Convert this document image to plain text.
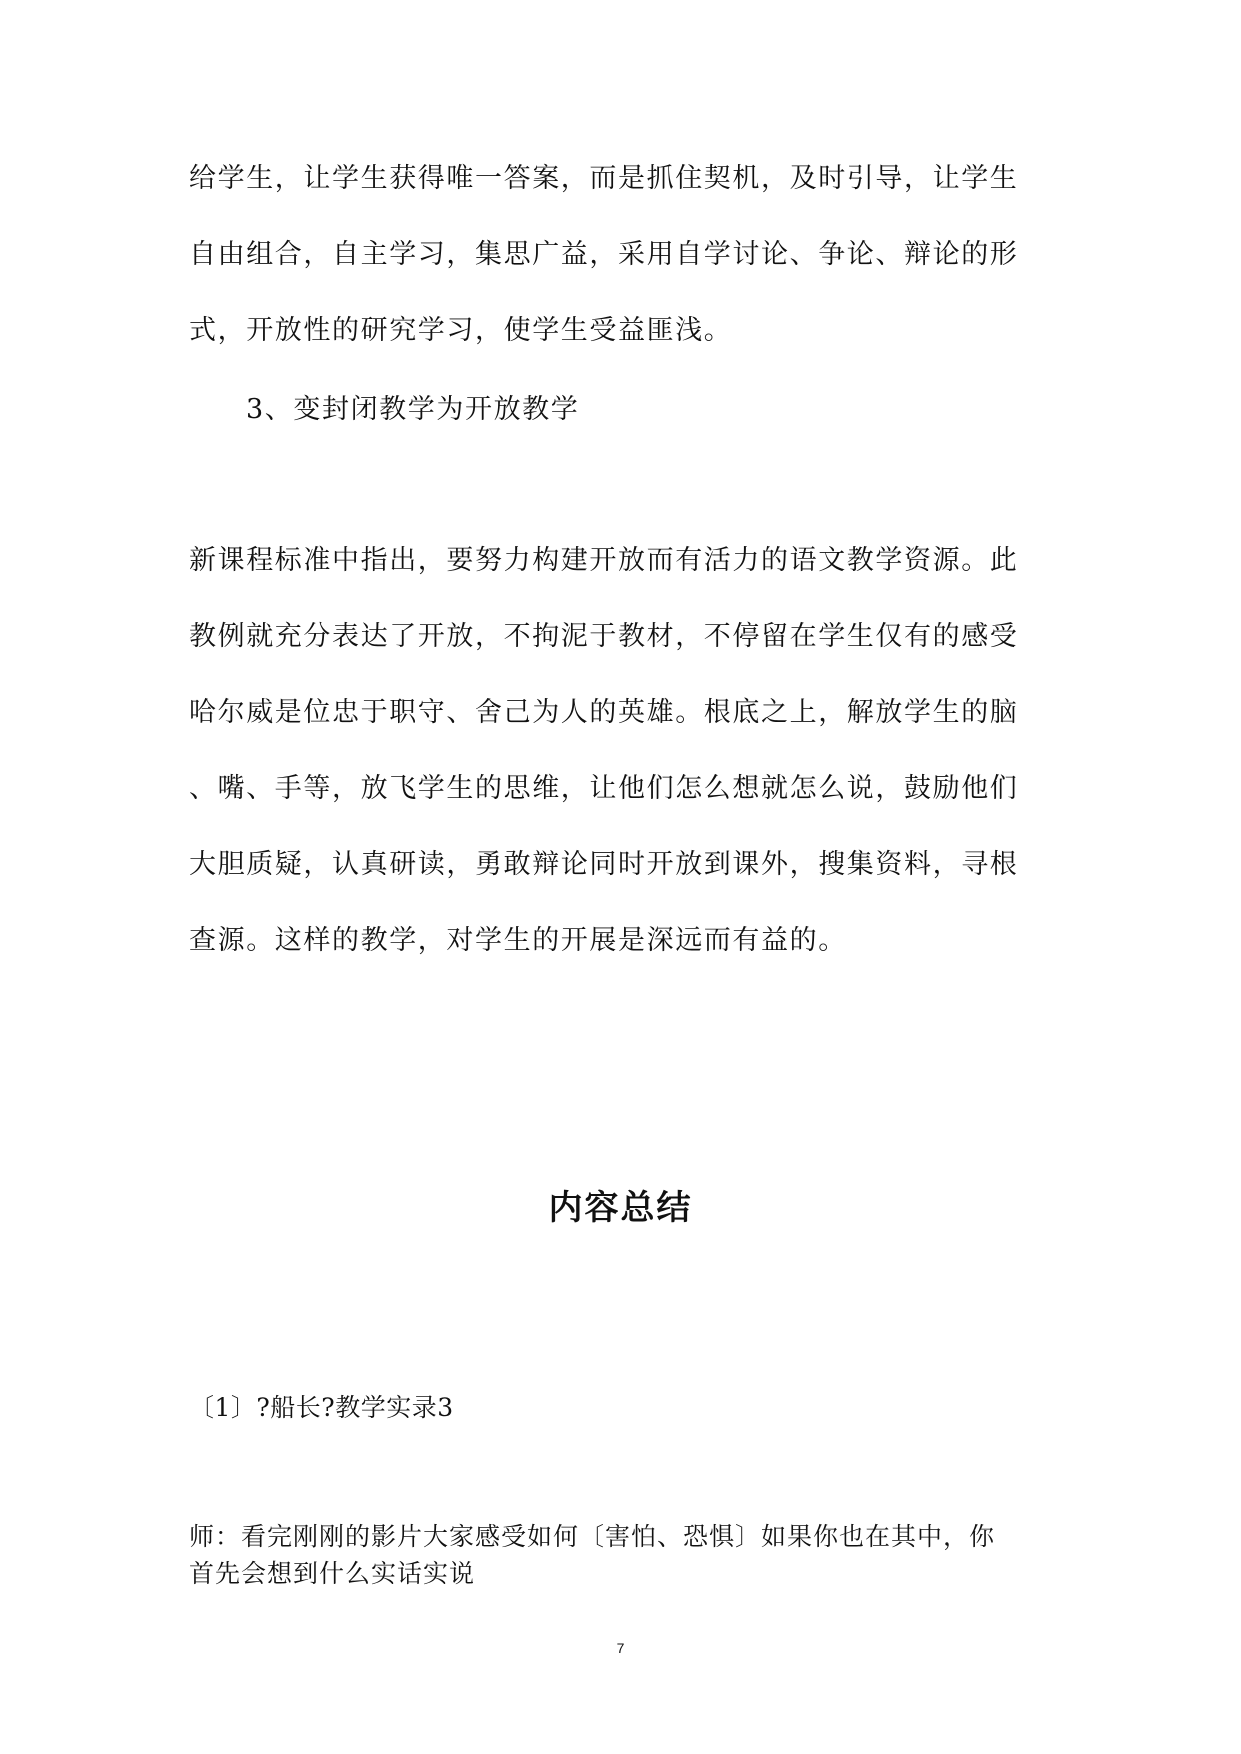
给学生，让学生获得唯一答案，而是抓住契机，及时引导，让学生
自由组合，自主学习，集思广益，采用自学讨论、争论、辩论的形
式，开放性的研究学习，使学生受益匪浅。
3、变封闭教学为开放教学
新课程标准中指出，要努力构建开放而有活力的语文教学资源。此
教例就充分表达了开放，不拘泥于教材，不停留在学生仅有的感受
哈尔威是位忠于职守、舍己为人的英雄。根底之上，解放学生的脑
、嘴、手等，放飞学生的思维，让他们怎么想就怎么说，鼓励他们
大胆质疑，认真研读，勇敢辩论同时开放到课外，搜集资料，寻根
查源。这样的教学，对学生的开展是深远而有益的。
内容总结
〔1〕?船长?教学实录3
师：看完刚刚的影片大家感受如何〔害怕、恐惧〕如果你也在其中，你
首先会想到什么实话实说
7
